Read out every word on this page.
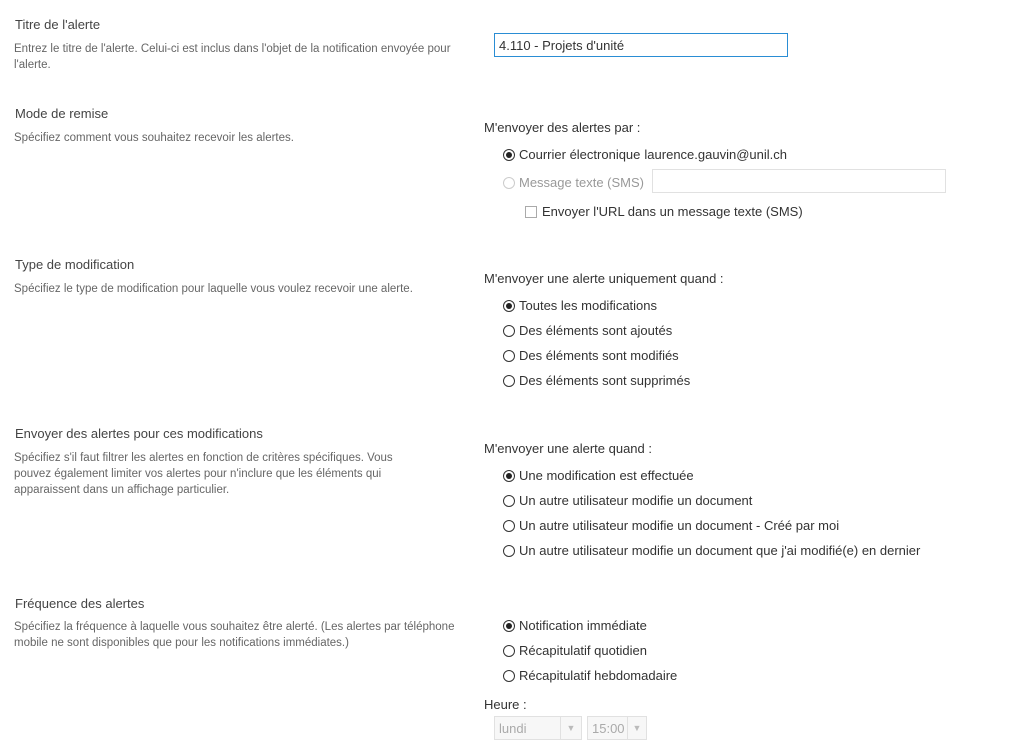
Titre de l'alerte
Entrez le titre de l'alerte. Celui-ci est inclus dans l'objet de la notification envoyée pour l'alerte.
4.110 - Projets d'unité
Mode de remise
Spécifiez comment vous souhaitez recevoir les alertes.
M'envoyer des alertes par :
Courrier électronique laurence.gauvin@unil.ch
Message texte (SMS)
Envoyer l'URL dans un message texte (SMS)
Type de modification
Spécifiez le type de modification pour laquelle vous voulez recevoir une alerte.
M'envoyer une alerte uniquement quand :
Toutes les modifications
Des éléments sont ajoutés
Des éléments sont modifiés
Des éléments sont supprimés
Envoyer des alertes pour ces modifications
Spécifiez s'il faut filtrer les alertes en fonction de critères spécifiques. Vous pouvez également limiter vos alertes pour n'inclure que les éléments qui apparaissent dans un affichage particulier.
M'envoyer une alerte quand :
Une modification est effectuée
Un autre utilisateur modifie un document
Un autre utilisateur modifie un document - Créé par moi
Un autre utilisateur modifie un document que j'ai modifié(e) en dernier
Fréquence des alertes
Spécifiez la fréquence à laquelle vous souhaitez être alerté. (Les alertes par téléphone mobile ne sont disponibles que pour les notifications immédiates.)
Notification immédiate
Récapitulatif quotidien
Récapitulatif hebdomadaire
Heure :
lundi	▼	15:00 ▼
